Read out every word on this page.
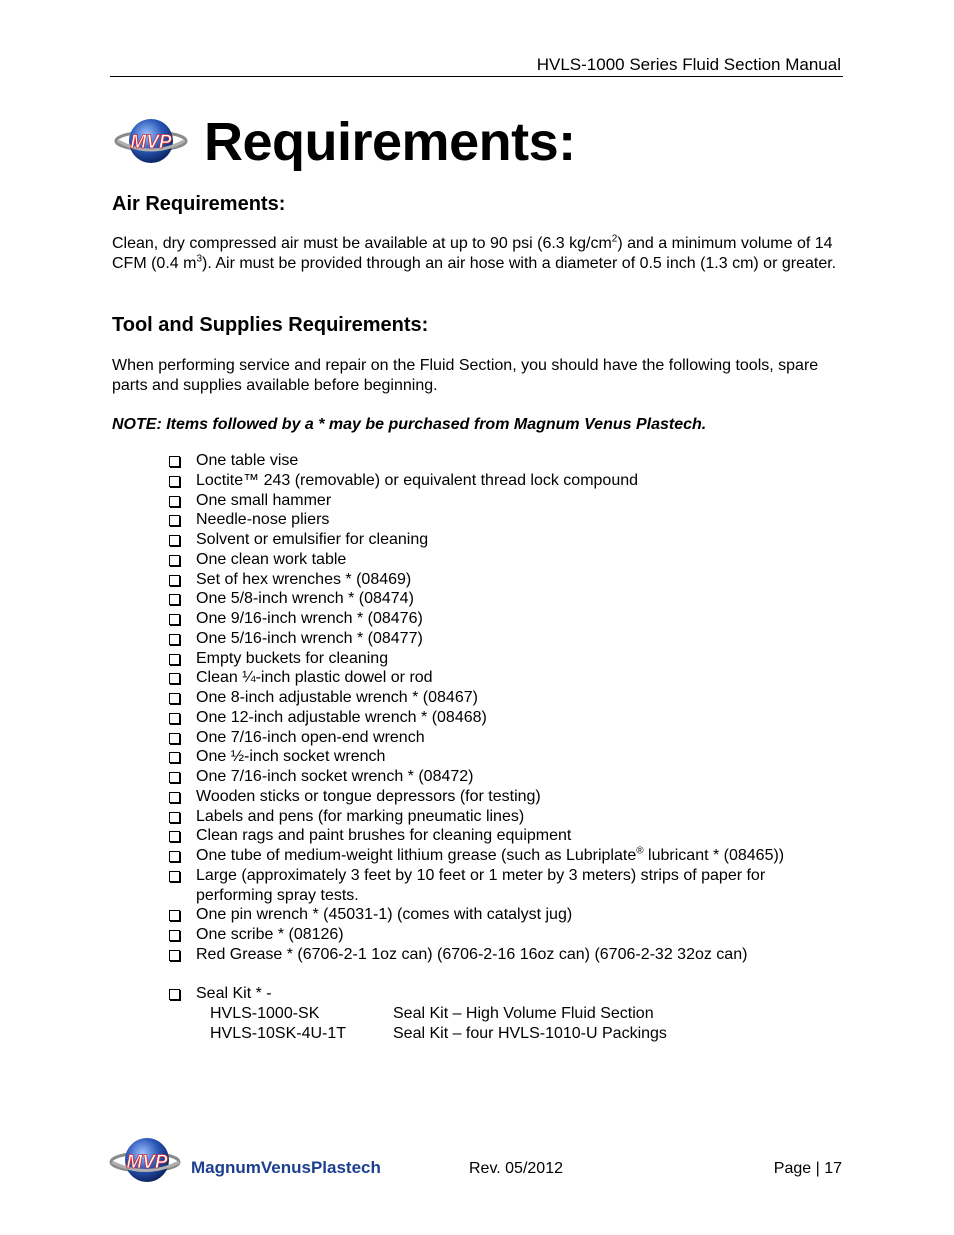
HVLS-1000 Series Fluid Section Manual
MVP Requirements:
Air Requirements:
Clean, dry compressed air must be available at up to 90 psi (6.3 $kg/cm^2$) and a minimum volume of 14 CFM (0.4 $m^3$). Air must be provided through an air hose with a diameter of 0.5 inch (1.3 cm) or greater.
Tool and Supplies Requirements:
When performing service and repair on the Fluid Section, you should have the following tools, spare parts and supplies available before beginning.
NOTE: Items followed by a * may be purchased from Magnum Venus Plastech.
One table vise
Loctite™ 243 (removable) or equivalent thread lock compound
One small hammer
Needle-nose pliers
Solvent or emulsifier for cleaning
One clean work table
Set of hex wrenches * (08469)
One 5/8-inch wrench * (08474)
One 9/16-inch wrench * (08476)
One 5/16-inch wrench * (08477)
Empty buckets for cleaning
Clean ¼-inch plastic dowel or rod
One 8-inch adjustable wrench * (08467)
One 12-inch adjustable wrench * (08468)
One 7/16-inch open-end wrench
One ½-inch socket wrench
One 7/16-inch socket wrench * (08472)
Wooden sticks or tongue depressors (for testing)
Labels and pens (for marking pneumatic lines)
Clean rags and paint brushes for cleaning equipment
One tube of medium-weight lithium grease (such as Lubriplate® lubricant * (08465))
Large (approximately 3 feet by 10 feet or 1 meter by 3 meters) strips of paper for performing spray tests.
One pin wrench * (45031-1) (comes with catalyst jug)
One scribe * (08126)
Red Grease * (6706-2-1 1oz can) (6706-2-16 16oz can) (6706-2-32 32oz can)
Seal Kit * -
HVLS-1000-SK	Seal Kit – High Volume Fluid Section
HVLS-10SK-4U-1T	Seal Kit – four HVLS-1010-U Packings
MVP MagnumVenusPlastech	Rev. 05/2012	Page | 17
